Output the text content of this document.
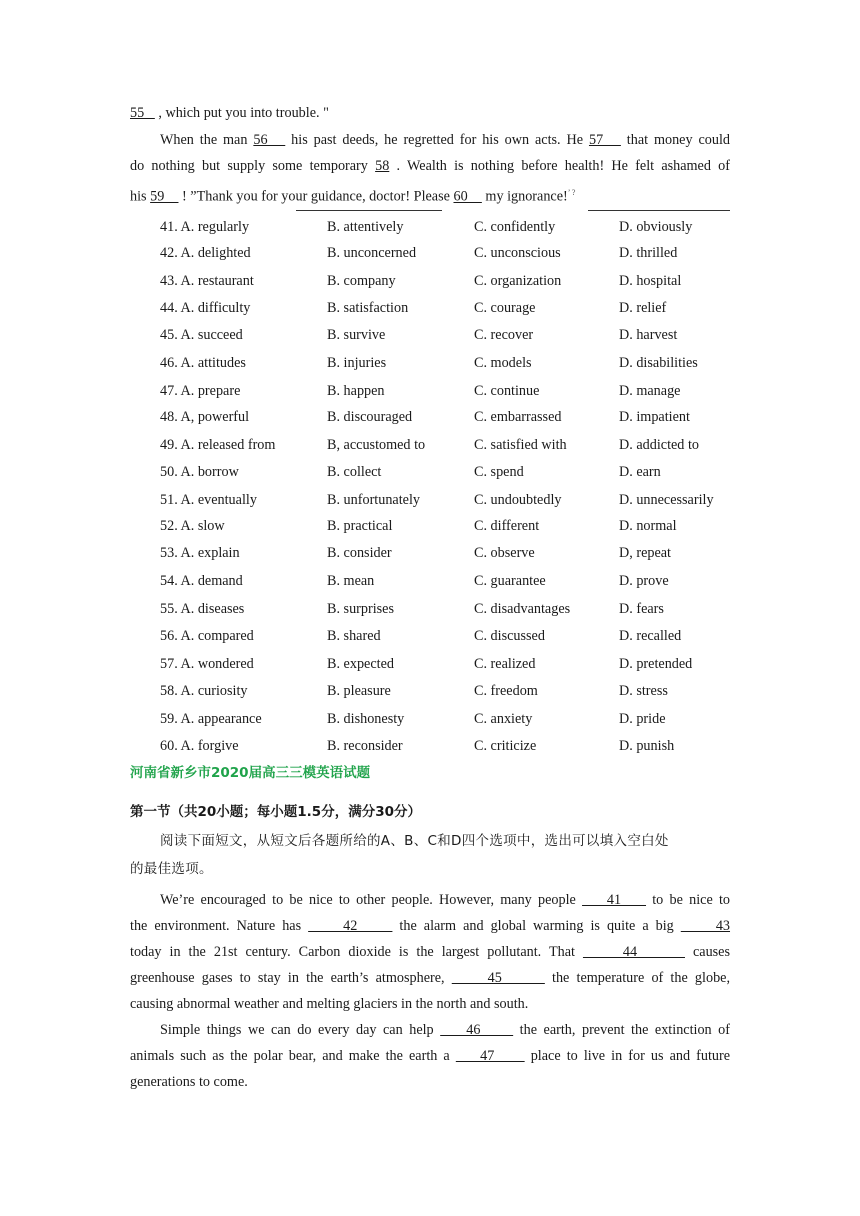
55    , which put you into trouble. "
When the man 56    his past deeds, he regretted for his own acts. He 57    that money could
do nothing but supply some temporary 58 . Wealth is nothing before health! He felt ashamed of
his 59     ! ”Thank you for your guidance, doctor! Please 60     my ignorance!’ ?
41. A. regularly	B. attentively	C. confidently	D. obviously
42. A. delighted	B. unconcerned	C. unconscious	D. thrilled
43. A. restaurant	B. company	C. organization	D. hospital
44. A. difficulty	B. satisfaction	C. courage	D. relief
45. A. succeed	B. survive	C. recover	D. harvest
46. A. attitudes	B. injuries	C. models	D. disabilities
47. A. prepare	B. happen	C. continue	D. manage
48. A, powerful	B. discouraged	C. embarrassed	D. impatient
49. A. released from	B, accustomed to	C. satisfied with	D. addicted to
50. A. borrow	B. collect	C. spend	D. earn
51. A. eventually	B. unfortunately	C. undoubtedly	D. unnecessarily
52. A. slow	B. practical	C. different	D. normal
53. A. explain	B. consider	C. observe	D, repeat
54. A. demand	B. mean	C. guarantee	D. prove
55. A. diseases	B. surprises	C. disadvantages	D. fears
56. A. compared	B. shared	C. discussed	D. recalled
57. A. wondered	B. expected	C. realized	D. pretended
58. A. curiosity	B. pleasure	C. freedom	D. stress
59. A. appearance	B. dishonesty	C. anxiety	D. pride
60. A. forgive	B. reconsider	C. criticize	D. punish
河南省新乡市2020届高三三模英语试题
第一节（共20小题；每小题1.5分，满分30分）
阅读下面短文，从短文后各题所给的A、B、C和D四个选项中，选出可以填入空白处
的最佳选项。
We’re encouraged to be nice to other people. However, many people     41     to be nice to
the environment. Nature has      42      the alarm and global warming is quite a big      43
today in the 21st century. Carbon dioxide is the largest pollutant. That      44       causes
greenhouse gases to stay in the earth’s atmosphere,      45       the temperature of the globe,
causing abnormal weather and melting glaciers in the north and south.
Simple things we can do every day can help     46      the earth, prevent the extinction of
animals such as the polar bear, and make the earth a     47      place to live in for us and future
generations to come.
